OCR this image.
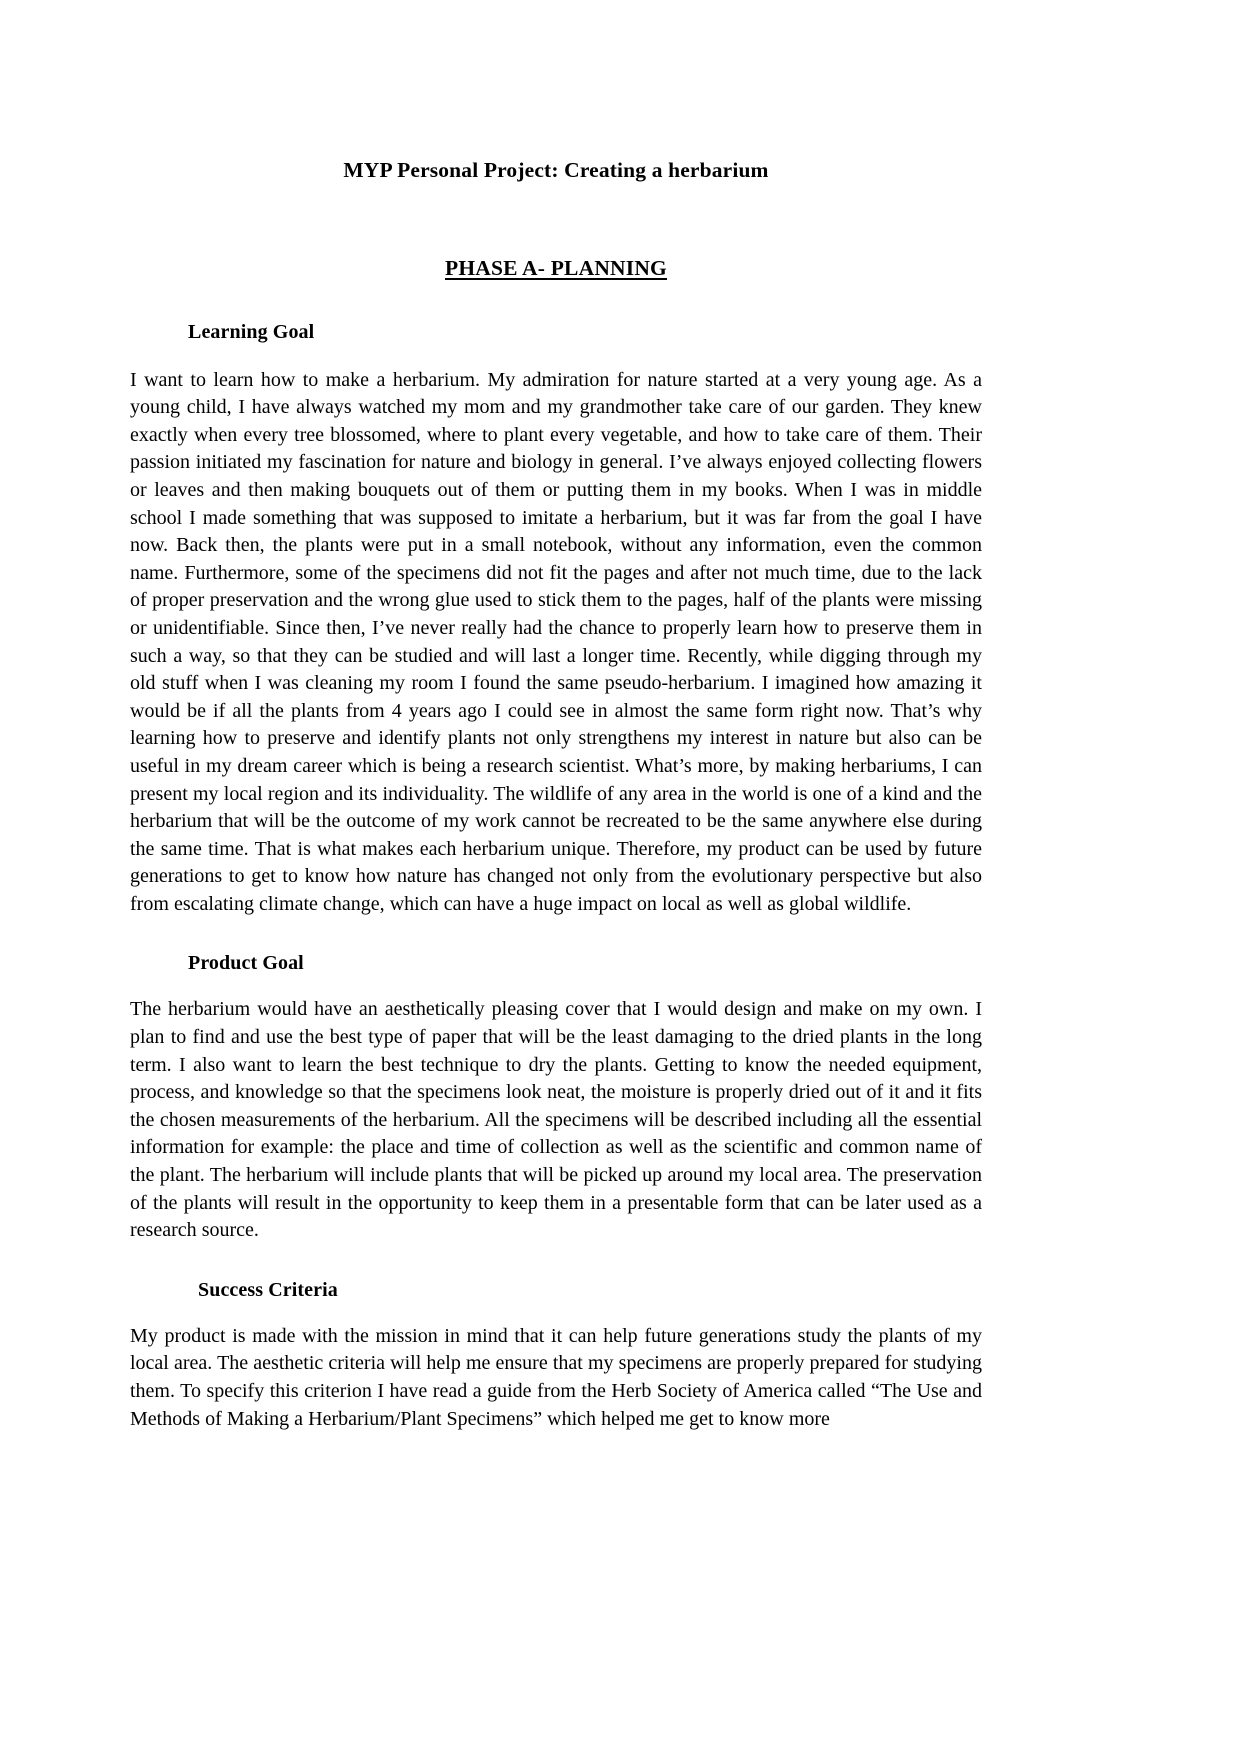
MYP Personal Project: Creating a herbarium
PHASE A- PLANNING
Learning Goal

I want to learn how to make a herbarium. My admiration for nature started at a very young age. As a young child, I have always watched my mom and my grandmother take care of our garden. They knew exactly when every tree blossomed, where to plant every vegetable, and how to take care of them. Their passion initiated my fascination for nature and biology in general. I’ve always enjoyed collecting flowers or leaves and then making bouquets out of them or putting them in my books. When I was in middle school I made something that was supposed to imitate a herbarium, but it was far from the goal I have now. Back then, the plants were put in a small notebook, without any information, even the common name. Furthermore, some of the specimens did not fit the pages and after not much time, due to the lack of proper preservation and the wrong glue used to stick them to the pages, half of the plants were missing or unidentifiable. Since then, I’ve never really had the chance to properly learn how to preserve them in such a way, so that they can be studied and will last a longer time. Recently, while digging through my old stuff when I was cleaning my room I found the same pseudo-herbarium. I imagined how amazing it would be if all the plants from 4 years ago I could see in almost the same form right now. That’s why learning how to preserve and identify plants not only strengthens my interest in nature but also can be useful in my dream career which is being a research scientist. What’s more, by making herbariums, I can present my local region and its individuality. The wildlife of any area in the world is one of a kind and the herbarium that will be the outcome of my work cannot be recreated to be the same anywhere else during the same time. That is what makes each herbarium unique. Therefore, my product can be used by future generations to get to know how nature has changed not only from the evolutionary perspective but also from escalating climate change, which can have a huge impact on local as well as global wildlife.

Product Goal

The herbarium would have an aesthetically pleasing cover that I would design and make on my own. I plan to find and use the best type of paper that will be the least damaging to the dried plants in the long term. I also want to learn the best technique to dry the plants. Getting to know the needed equipment, process, and knowledge so that the specimens look neat, the moisture is properly dried out of it and it fits the chosen measurements of the herbarium. All the specimens will be described including all the essential information for example: the place and time of collection as well as the scientific and common name of the plant. The herbarium will include plants that will be picked up around my local area. The preservation of the plants will result in the opportunity to keep them in a presentable form that can be later used as a research source.

Success Criteria

My product is made with the mission in mind that it can help future generations study the plants of my local area. The aesthetic criteria will help me ensure that my specimens are properly prepared for studying them. To specify this criterion I have read a guide from the Herb Society of America called “The Use and Methods of Making a Herbarium/Plant Specimens” which helped me get to know more
